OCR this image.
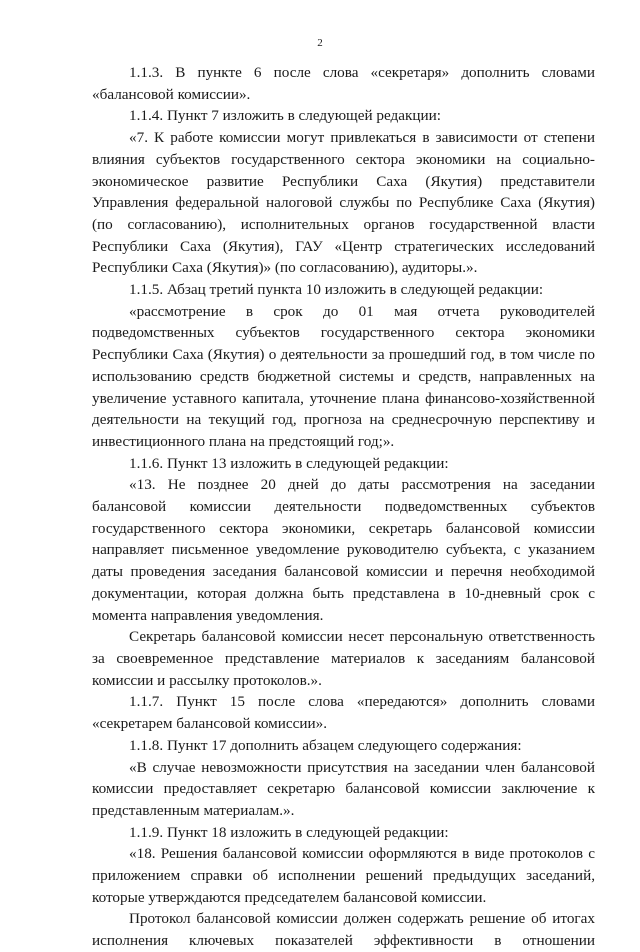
2

1.1.3. В пункте 6 после слова «секретаря» дополнить словами «балансовой комиссии».

1.1.4. Пункт 7 изложить в следующей редакции:

«7. К работе комиссии могут привлекаться в зависимости от степени влияния субъектов государственного сектора экономики на социально-экономическое развитие Республики Саха (Якутия) представители Управления федеральной налоговой службы по Республике Саха (Якутия) (по согласованию), исполнительных органов государственной власти Республики Саха (Якутия), ГАУ «Центр стратегических исследований Республики Саха (Якутия)» (по согласованию), аудиторы.».

1.1.5. Абзац третий пункта 10 изложить в следующей редакции:

«рассмотрение в срок до 01 мая отчета руководителей подведомственных субъектов государственного сектора экономики Республики Саха (Якутия) о деятельности за прошедший год, в том числе по использованию средств бюджетной системы и средств, направленных на увеличение уставного капитала, уточнение плана финансово-хозяйственной деятельности на текущий год, прогноза на среднесрочную перспективу и инвестиционного плана на предстоящий год;».

1.1.6. Пункт 13 изложить в следующей редакции:

«13. Не позднее 20 дней до даты рассмотрения на заседании балансовой комиссии деятельности подведомственных субъектов государственного сектора экономики, секретарь балансовой комиссии направляет письменное уведомление руководителю субъекта, с указанием даты проведения заседания балансовой комиссии и перечня необходимой документации, которая должна быть представлена в 10-дневный срок с момента направления уведомления.

Секретарь балансовой комиссии несет персональную ответственность за своевременное представление материалов к заседаниям балансовой комиссии и рассылку протоколов.».

1.1.7. Пункт 15 после слова «передаются» дополнить словами «секретарем балансовой комиссии».

1.1.8. Пункт 17 дополнить абзацем следующего содержания:

«В случае невозможности присутствия на заседании член балансовой комиссии предоставляет секретарю балансовой комиссии заключение к представленным материалам.».

1.1.9. Пункт 18 изложить в следующей редакции:

«18. Решения балансовой комиссии оформляются в виде протоколов с приложением справки об исполнении решений предыдущих заседаний, которые утверждаются председателем балансовой комиссии.

Протокол балансовой комиссии должен содержать решение об итогах исполнения ключевых показателей эффективности в отношении
